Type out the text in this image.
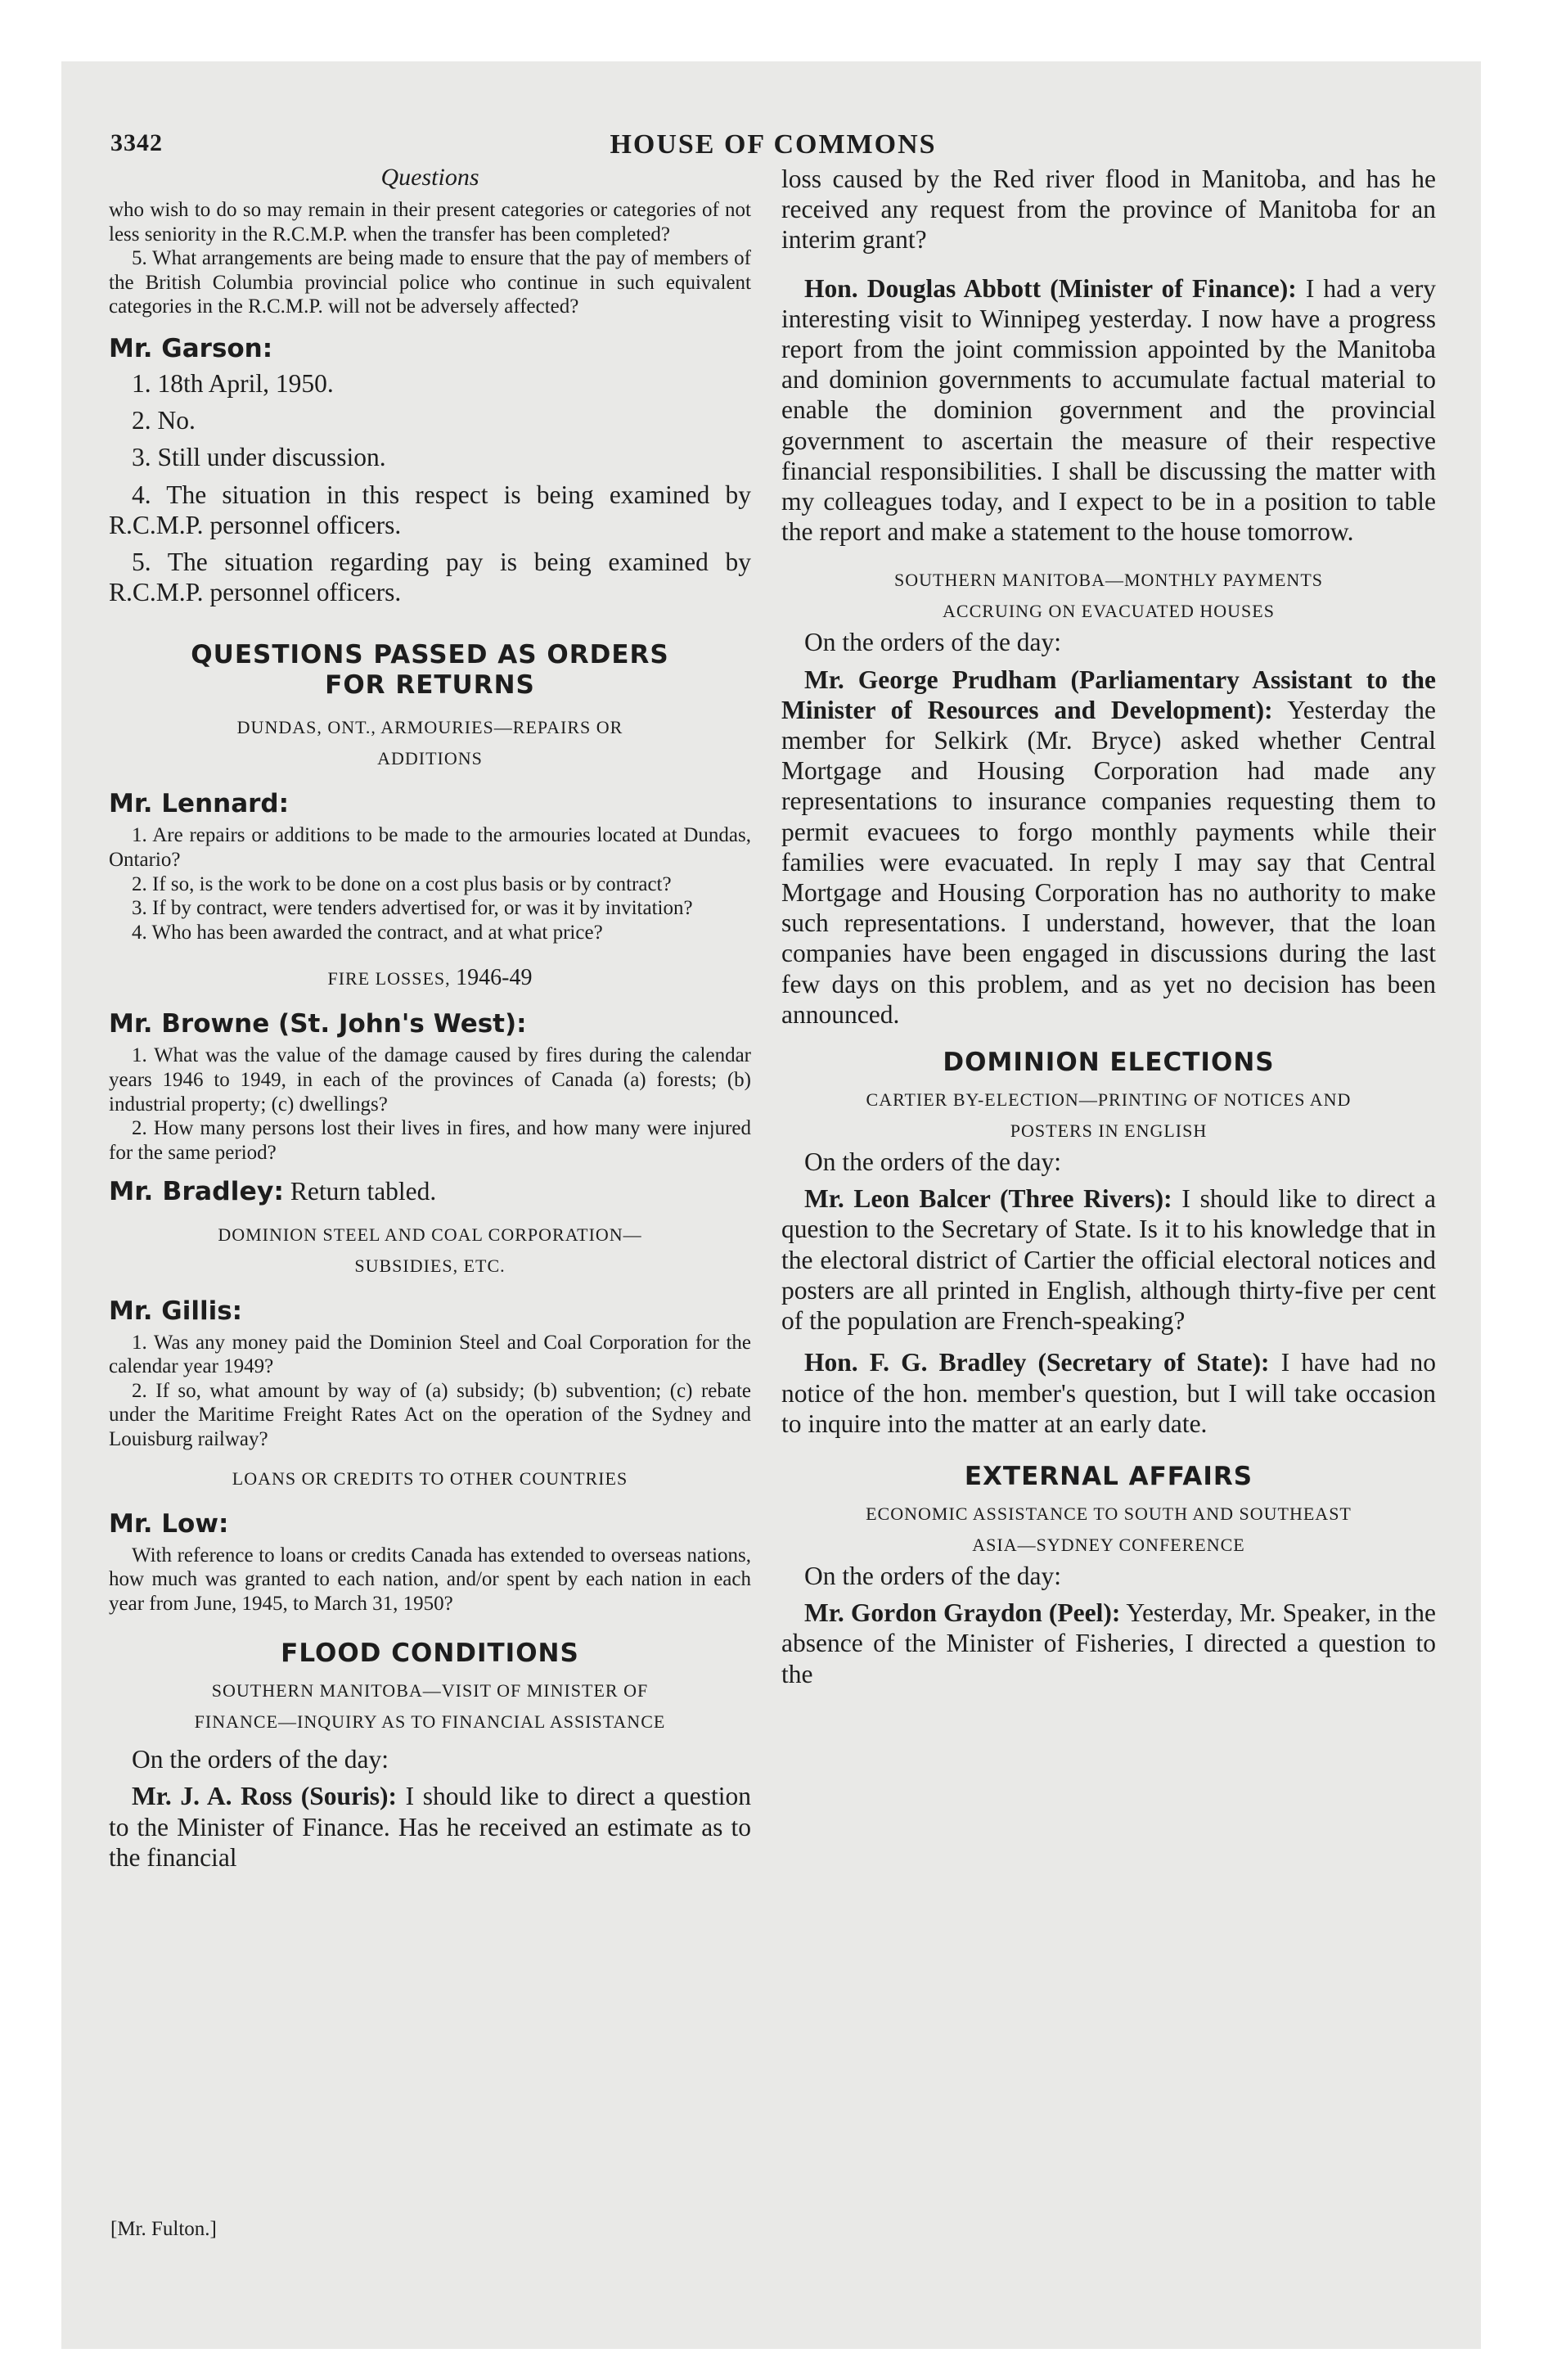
3342	HOUSE OF COMMONS
Questions

who wish to do so may remain in their present categories or categories of not less seniority in the R.C.M.P. when the transfer has been completed?

5. What arrangements are being made to ensure that the pay of members of the British Columbia provincial police who continue in such equivalent categories in the R.C.M.P. will not be adversely affected?

Mr. Garson:

1. 18th April, 1950.

2. No.

3. Still under discussion.

4. The situation in this respect is being examined by R.C.M.P. personnel officers.

5. The situation regarding pay is being examined by R.C.M.P. personnel officers.

QUESTIONS PASSED AS ORDERS
FOR RETURNS
DUNDAS, ONT., ARMOURIES—REPAIRS OR
ADDITIONS

Mr. Lennard:

1. Are repairs or additions to be made to the armouries located at Dundas, Ontario?

2. If so, is the work to be done on a cost plus basis or by contract?

3. If by contract, were tenders advertised for, or was it by invitation?

4. Who has been awarded the contract, and at what price?

FIRE LOSSES, 1946-49

Mr. Browne (St. John's West):

1. What was the value of the damage caused by fires during the calendar years 1946 to 1949, in each of the provinces of Canada (a) forests; (b) industrial property; (c) dwellings?

2. How many persons lost their lives in fires, and how many were injured for the same period?

Mr. Bradley: Return tabled.

DOMINION STEEL AND COAL CORPORATION—
SUBSIDIES, ETC.

Mr. Gillis:

1. Was any money paid the Dominion Steel and Coal Corporation for the calendar year 1949?

2. If so, what amount by way of (a) subsidy; (b) subvention; (c) rebate under the Maritime Freight Rates Act on the operation of the Sydney and Louisburg railway?

LOANS OR CREDITS TO OTHER COUNTRIES

Mr. Low:

With reference to loans or credits Canada has extended to overseas nations, how much was granted to each nation, and/or spent by each nation in each year from June, 1945, to March 31, 1950?

FLOOD CONDITIONS
SOUTHERN MANITOBA—VISIT OF MINISTER OF
FINANCE—INQUIRY AS TO FINANCIAL ASSISTANCE

On the orders of the day:

Mr. J. A. Ross (Souris): I should like to direct a question to the Minister of Finance. Has he received an estimate as to the financial

loss caused by the Red river flood in Manitoba, and has he received any request from the province of Manitoba for an interim grant?

Hon. Douglas Abbott (Minister of Finance): I had a very interesting visit to Winnipeg yesterday. I now have a progress report from the joint commission appointed by the Manitoba and dominion governments to accumulate factual material to enable the dominion government and the provincial government to ascertain the measure of their respective financial responsibilities. I shall be discussing the matter with my colleagues today, and I expect to be in a position to table the report and make a statement to the house tomorrow.

SOUTHERN MANITOBA—MONTHLY PAYMENTS
ACCRUING ON EVACUATED HOUSES

On the orders of the day:

Mr. George Prudham (Parliamentary Assistant to the Minister of Resources and Development): Yesterday the member for Selkirk (Mr. Bryce) asked whether Central Mortgage and Housing Corporation had made any representations to insurance companies requesting them to permit evacuees to forgo monthly payments while their families were evacuated. In reply I may say that Central Mortgage and Housing Corporation has no authority to make such representations. I understand, however, that the loan companies have been engaged in discussions during the last few days on this problem, and as yet no decision has been announced.

DOMINION ELECTIONS
CARTIER BY-ELECTION—PRINTING OF NOTICES AND
POSTERS IN ENGLISH

On the orders of the day:

Mr. Leon Balcer (Three Rivers): I should like to direct a question to the Secretary of State. Is it to his knowledge that in the electoral district of Cartier the official electoral notices and posters are all printed in English, although thirty-five per cent of the population are French-speaking?

Hon. F. G. Bradley (Secretary of State): I have had no notice of the hon. member's question, but I will take occasion to inquire into the matter at an early date.

EXTERNAL AFFAIRS
ECONOMIC ASSISTANCE TO SOUTH AND SOUTHEAST
ASIA—SYDNEY CONFERENCE

On the orders of the day:

Mr. Gordon Graydon (Peel): Yesterday, Mr. Speaker, in the absence of the Minister of Fisheries, I directed a question to the

[Mr. Fulton.]
